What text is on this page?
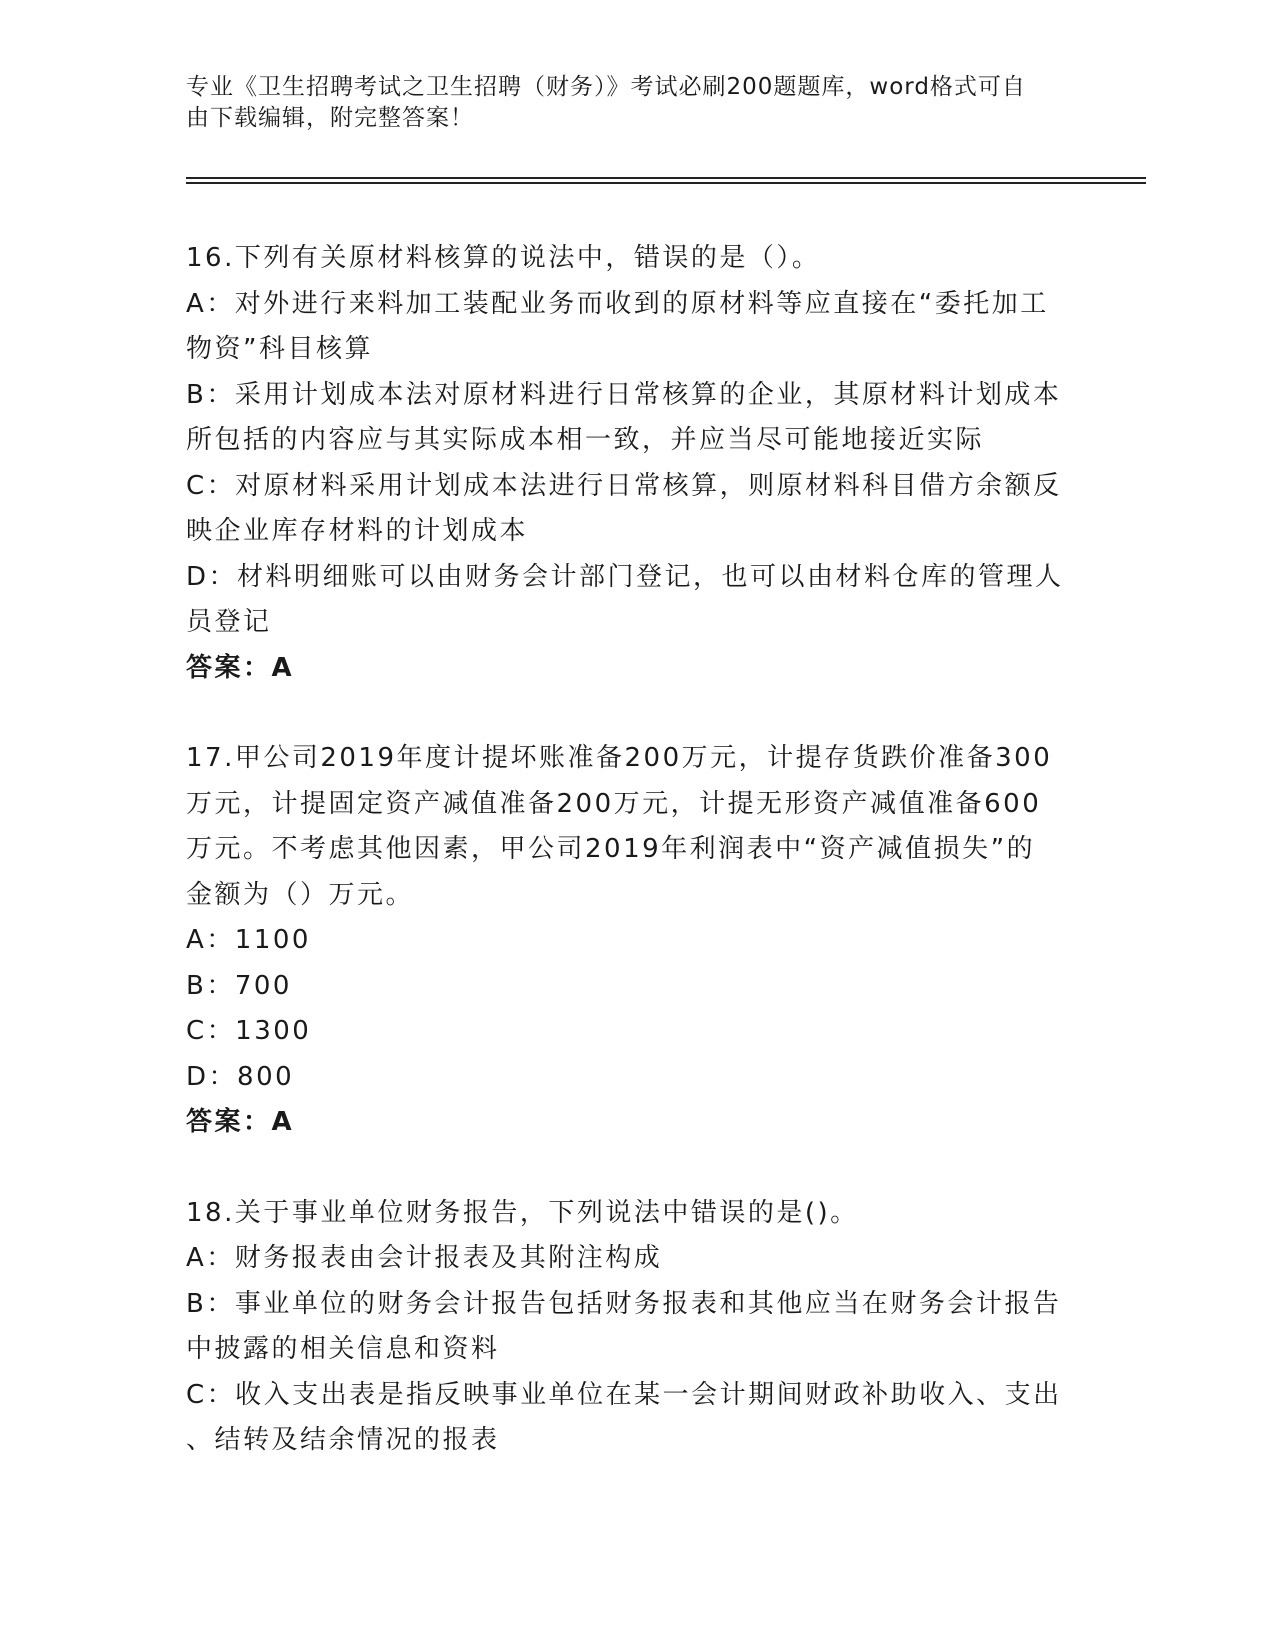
专业《卫生招聘考试之卫生招聘（财务）》考试必刷200题题库，word格式可自
由下载编辑，附完整答案！
16.下列有关原材料核算的说法中，错误的是（）。
A：对外进行来料加工装配业务而收到的原材料等应直接在“委托加工
物资”科目核算
B：采用计划成本法对原材料进行日常核算的企业，其原材料计划成本
所包括的内容应与其实际成本相一致，并应当尽可能地接近实际
C：对原材料采用计划成本法进行日常核算，则原材料科目借方余额反
映企业库存材料的计划成本
D：材料明细账可以由财务会计部门登记，也可以由材料仓库的管理人
员登记
答案：A
17.甲公司2019年度计提坏账准备200万元，计提存货跌价准备300
万元，计提固定资产减值准备200万元，计提无形资产减值准备600
万元。不考虑其他因素，甲公司2019年利润表中“资产减值损失”的
金额为（）万元。
A：1100
B：700
C：1300
D：800
答案：A
18.关于事业单位财务报告，下列说法中错误的是()。
A：财务报表由会计报表及其附注构成
B：事业单位的财务会计报告包括财务报表和其他应当在财务会计报告
中披露的相关信息和资料
C：收入支出表是指反映事业单位在某一会计期间财政补助收入、支出
、结转及结余情况的报表
